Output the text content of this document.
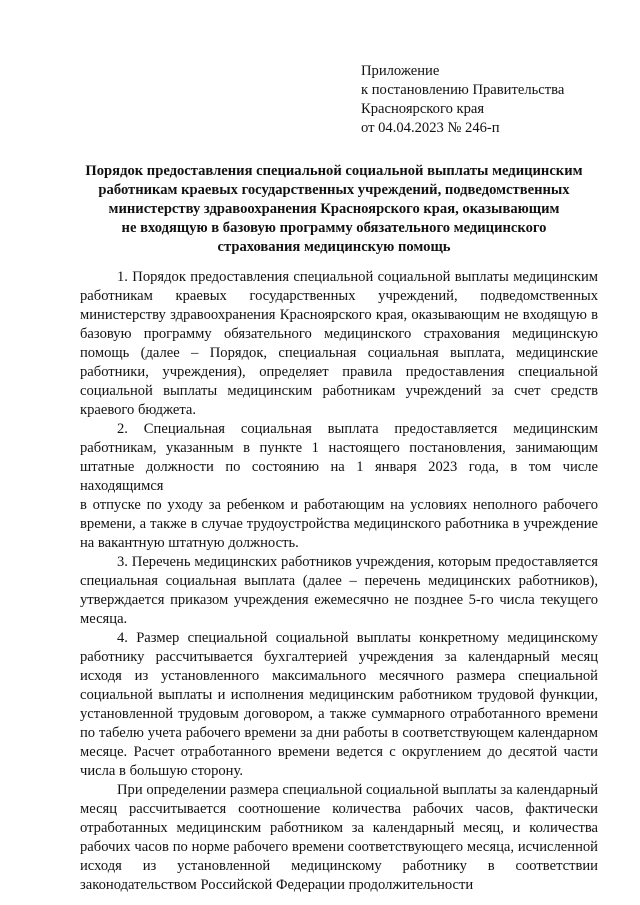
Приложение
к постановлению Правительства
Красноярского края
от 04.04.2023 № 246-п
Порядок предоставления специальной социальной выплаты медицинским
работникам краевых государственных учреждений, подведомственных
министерству здравоохранения Красноярского края, оказывающим
не входящую в базовую программу обязательного медицинского
страхования медицинскую помощь

1. Порядок предоставления специальной социальной выплаты медицинским работникам краевых государственных учреждений, подведомственных министерству здравоохранения Красноярского края, оказывающим не входящую в базовую программу обязательного медицинского страхования медицинскую помощь (далее – Порядок, специальная социальная выплата, медицинские работники, учреждения), определяет правила предоставления специальной социальной выплаты медицинским работникам учреждений за счет средств краевого бюджета.

2. Специальная социальная выплата предоставляется медицинским работникам, указанным в пункте 1 настоящего постановления, занимающим штатные должности по состоянию на 1 января 2023 года, в том числе находящимся

в отпуске по уходу за ребенком и работающим на условиях неполного рабочего времени, а также в случае трудоустройства медицинского работника в учреждение на вакантную штатную должность.

3. Перечень медицинских работников учреждения, которым предоставляется специальная социальная выплата (далее – перечень медицинских работников), утверждается приказом учреждения ежемесячно не позднее 5-го числа текущего месяца.

4. Размер специальной социальной выплаты конкретному медицинскому работнику рассчитывается бухгалтерией учреждения за календарный месяц исходя из установленного максимального месячного размера специальной социальной выплаты и исполнения медицинским работником трудовой функции, установленной трудовым договором, а также суммарного отработанного времени по табелю учета рабочего времени за дни работы в соответствующем календарном месяце. Расчет отработанного времени ведется с округлением до десятой части числа в большую сторону.

При определении размера специальной социальной выплаты за календарный месяц рассчитывается соотношение количества рабочих часов, фактически отработанных медицинским работником за календарный месяц, и количества рабочих часов по норме рабочего времени соответствующего месяца, исчисленной исходя из установленной медицинскому работнику в соответствии законодательством Российской Федерации продолжительности
